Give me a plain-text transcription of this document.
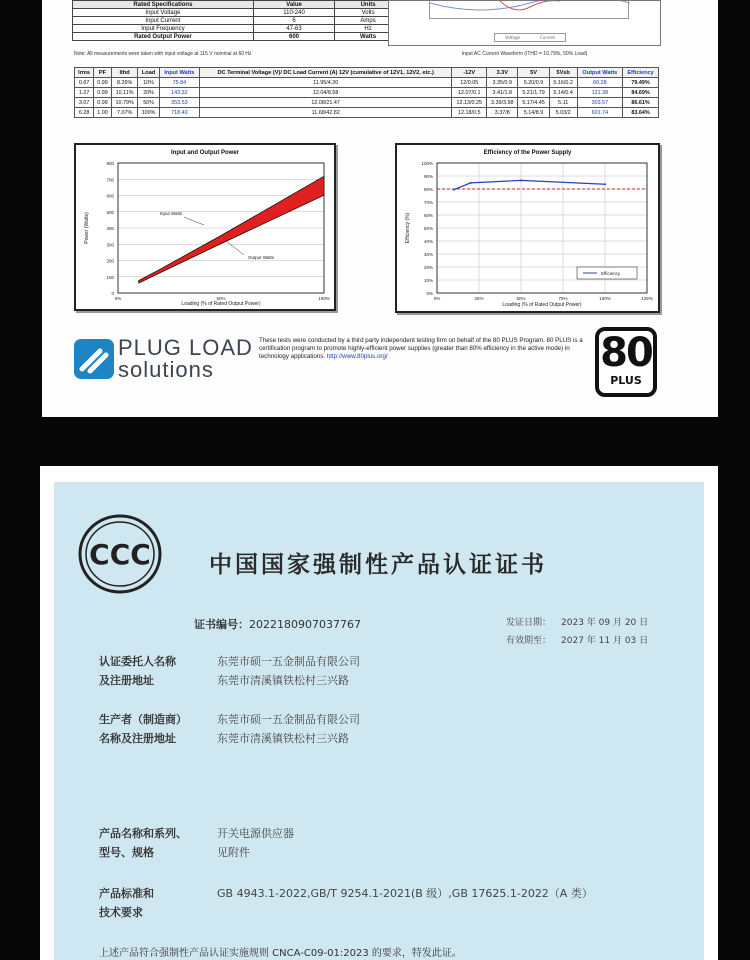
Rated Specifications	Value	Units
Input Voltage	110-240	Volts
Input Current	6	Amps
Input Frequency	47-63	Hz
Rated Output Power	600	Watts
Note: All measurements were taken with input voltage at 115 V nominal at 60 Hz
Voltage	Current
Input AC Current Waveform (ITHD = 10.79%, 50% Load)
Irms	PF	Ithd	Load	Input Watts	DC Terminal Voltage (V)/ DC Load Current (A) 12V (cumulative of 12V1, 12V2, etc.)	-12V	3.3V	5V	5Vsb	Output Watts	Efficiency
0.67	0.99	8.26%	10%	75.84	11.95/4.20	12/0.05	3.35/0.9	5.20/0.9	5.16/0.2	60.28	79.49%
1.27	0.99	10.11%	20%	143.32	12.04/8.58	12.07/0.1	3.41/1.8	5.21/1.79	5.14/0.4	121.38	84.69%
3.07	0.99	10.79%	50%	353.53	12.08/21.47	12.13/0.25	3.39/3.98	5.17/4.45	5.11	303.57	86.61%
6.28	1.00	7.07%	100%	718.40	11.68/42.82	12.18/0.5	3.37/8	5.14/8.9	5.03/2	601.74	83.64%
Input and Output Power
0
100
200
300
400
500
600
700
800
0%	50%	100%
Input Watts
Output Watts
Loading (% of Rated Output Power)
Power (Watts)
Efficiency of the Power Supply
0%
10%
20%
30%
40%
50%
60%
70%
80%
90%
100%
0%	25%	50%	75%	100%	125%
Efficiency
Loading (% of Rated Output Power)
Efficiency (%)
PLUG LOAD
solutions
These tests were conducted by a third party independent testing firm on behalf of the 80 PLUS Program. 80 PLUS is a certification program to promote highly-efficient power supplies (greater than 80% efficiency in the active mode) in technology applications. http://www.80plus.org/	80
PLUS
CCC	中国国家强制性产品认证证书
证书编号：2022180907037767	发证日期： 2023 年 09 月 20 日
有效期至： 2027 年 11 月 03 日
认证委托人名称
及注册地址
东莞市硕一五金制品有限公司
东莞市清溪镇铁松村三兴路
生产者（制造商）
名称及注册地址
东莞市硕一五金制品有限公司
东莞市清溪镇铁松村三兴路
产品名称和系列、
型号、规格
开关电源供应器
见附件
产品标准和
技术要求
GB 4943.1-2022,GB/T 9254.1-2021(B 级）,GB 17625.1-2022（A 类）
上述产品符合强制性产品认证实施规则 CNCA-C09-01:2023 的要求，特发此证。
